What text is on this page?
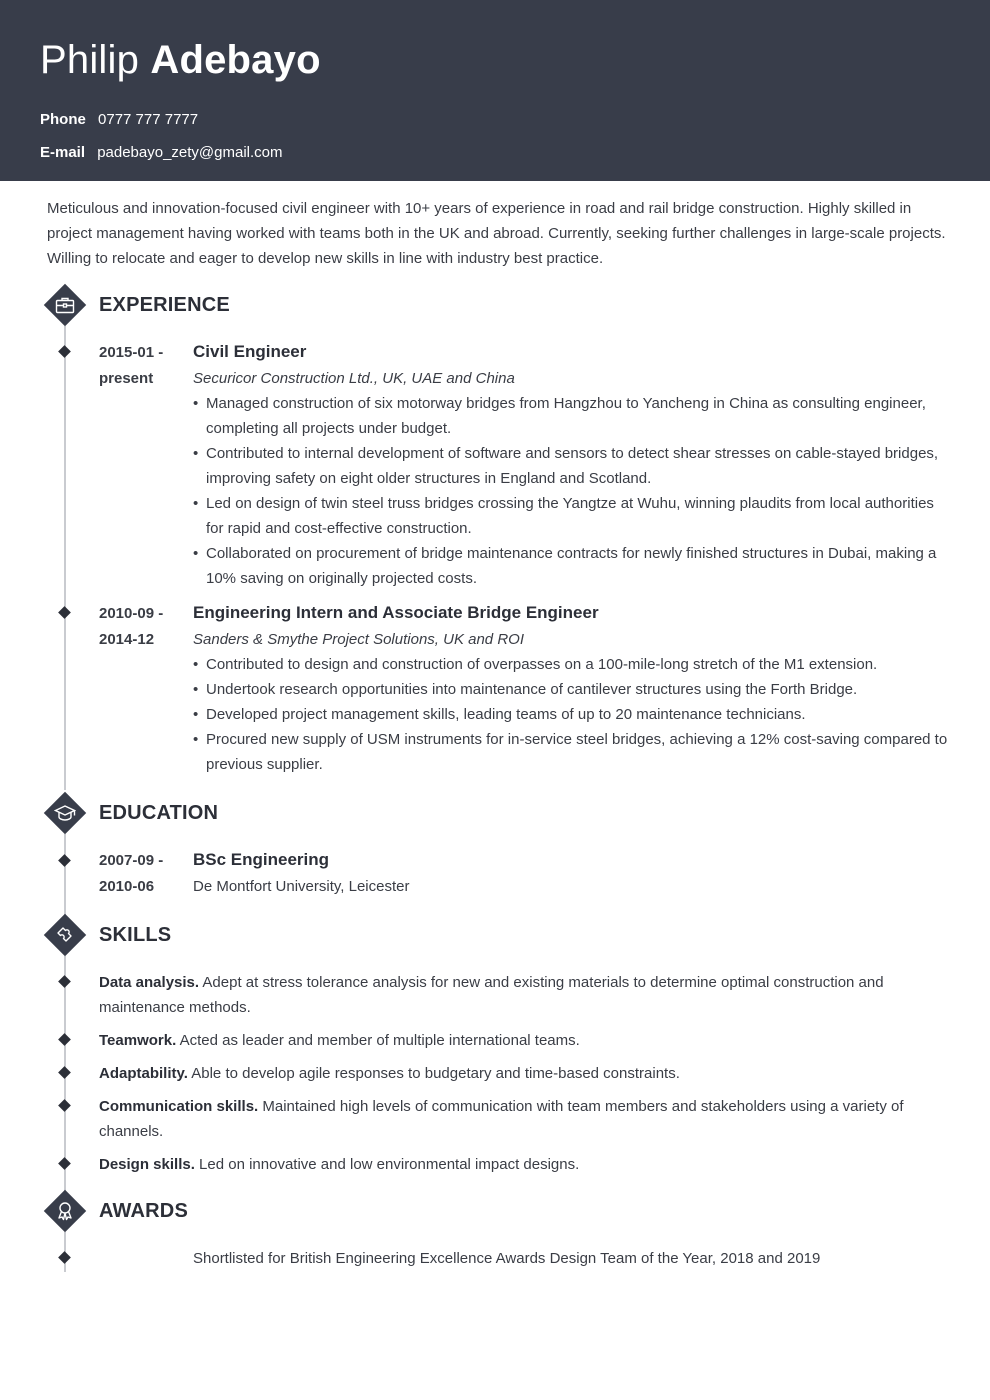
Philip Adebayo
Phone 0777 777 7777
E-mail padebayo_zety@gmail.com

Meticulous and innovation-focused civil engineer with 10+ years of experience in road and rail bridge construction. Highly skilled in project management having worked with teams both in the UK and abroad. Currently, seeking further challenges in large-scale projects. Willing to relocate and eager to develop new skills in line with industry best practice.

EXPERIENCE
2015-01 -
present
Civil Engineer
Securicor Construction Ltd., UK, UAE and China
• Managed construction of six motorway bridges from Hangzhou to Yancheng in China as consulting engineer, completing all projects under budget.
• Contributed to internal development of software and sensors to detect shear stresses on cable-stayed bridges, improving safety on eight older structures in England and Scotland.
• Led on design of twin steel truss bridges crossing the Yangtze at Wuhu, winning plaudits from local authorities for rapid and cost-effective construction.
• Collaborated on procurement of bridge maintenance contracts for newly finished structures in Dubai, making a 10% saving on originally projected costs.
2010-09 -
2014-12
Engineering Intern and Associate Bridge Engineer
Sanders & Smythe Project Solutions, UK and ROI
• Contributed to design and construction of overpasses on a 100-mile-long stretch of the M1 extension.
• Undertook research opportunities into maintenance of cantilever structures using the Forth Bridge.
• Developed project management skills, leading teams of up to 20 maintenance technicians.
• Procured new supply of USM instruments for in-service steel bridges, achieving a 12% cost-saving compared to previous supplier.
EDUCATION
2007-09 -
2010-06
BSc Engineering
De Montfort University, Leicester
SKILLS
Data analysis. Adept at stress tolerance analysis for new and existing materials to determine optimal construction and maintenance methods.
Teamwork. Acted as leader and member of multiple international teams.
Adaptability. Able to develop agile responses to budgetary and time-based constraints.
Communication skills. Maintained high levels of communication with team members and stakeholders using a variety of channels.
Design skills. Led on innovative and low environmental impact designs.
AWARDS
Shortlisted for British Engineering Excellence Awards Design Team of the Year, 2018 and 2019
